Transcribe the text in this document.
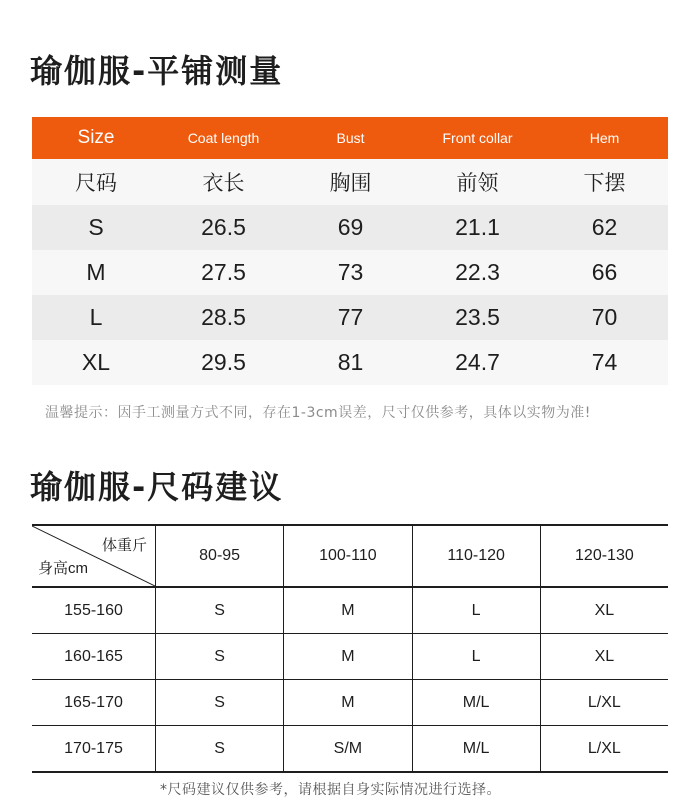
瑜伽服-平铺测量
Size	Coat length	Bust	Front collar	Hem
尺码	衣长	胸围	前领	下摆
S	26.5	69	21.1	62
M	27.5	73	22.3	66
L	28.5	77	23.5	70
XL	29.5	81	24.7	74
温馨提示：因手工测量方式不同，存在1-3cm误差，尺寸仅供参考，具体以实物为准!
瑜伽服-尺码建议
体重斤
身高cm
80-95	100-110	110-120	120-130
155-160	S	M	L	XL
160-165	S	M	L	XL
165-170	S	M	M/L	L/XL
170-175	S	S/M	M/L	L/XL
*尺码建议仅供参考，请根据自身实际情况进行选择。
